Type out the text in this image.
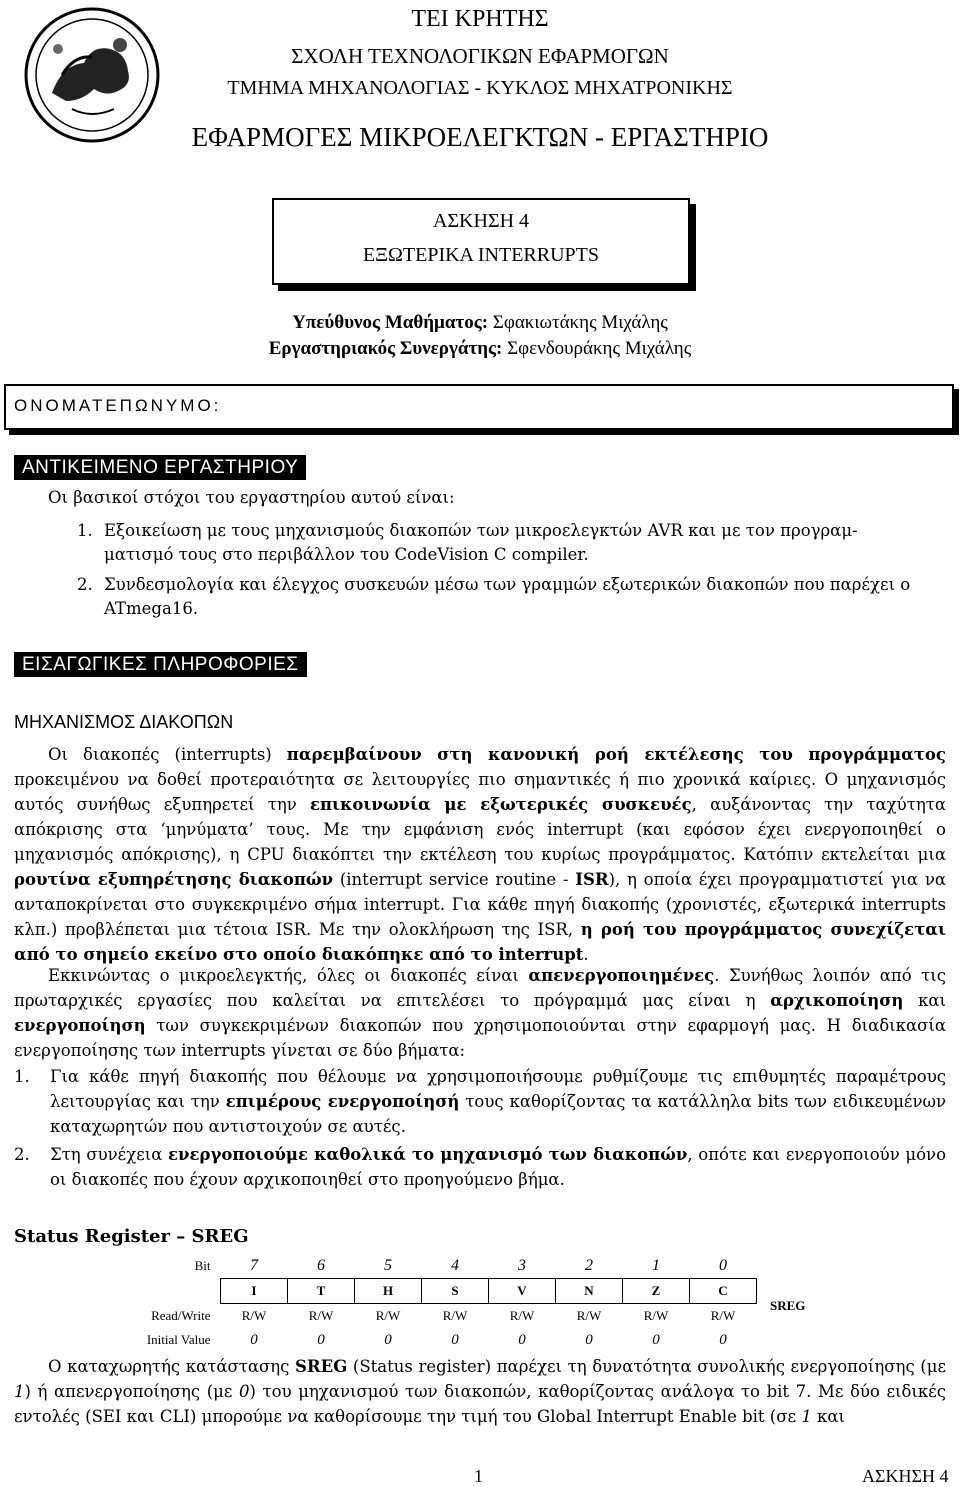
ΤΕΙ ΚΡΗΤΗΣ
ΣΧΟΛΗ ΤΕΧΝΟΛΟΓΙΚΩΝ ΕΦΑΡΜΟΓΩΝ
ΤΜΗΜΑ ΜΗΧΑΝΟΛΟΓΙΑΣ - ΚΥΚΛΟΣ ΜΗΧΑΤΡΟΝΙΚΗΣ
ΕΦΑΡΜΟΓΕΣ ΜΙΚΡΟΕΛΕΓΚΤΩΝ - ΕΡΓΑΣΤΗΡΙΟ
ΑΣΚΗΣΗ 4
ΕΞΩΤΕΡΙΚΑ INTERRUPTS
Υπεύθυνος Μαθήματος: Σφακιωτάκης Μιχάλης
Εργαστηριακός Συνεργάτης: Σφενδουράκης Μιχάλης
ΟΝΟΜΑΤΕΠΩΝΥΜΟ:
ΑΝΤΙΚΕΙΜΕΝΟ ΕΡΓΑΣΤΗΡΙΟΥ
Οι βασικοί στόχοι του εργαστηρίου αυτού είναι:
1. Εξοικείωση με τους μηχανισμούς διακοπών των μικροελεγκτών AVR και με τον προγραμ-
ματισμό τους στο περιβάλλον του CodeVision C compiler.
2. Συνδεσμολογία και έλεγχος συσκευών μέσω των γραμμών εξωτερικών διακοπών που παρέχει ο
ATmega16.
ΕΙΣΑΓΩΓΙΚΕΣ ΠΛΗΡΟΦΟΡΙΕΣ
ΜΗΧΑΝΙΣΜΟΣ ΔΙΑΚΟΠΩΝ
Οι διακοπές (interrupts) παρεμβαίνουν στη κανονική ροή εκτέλεσης του προγράμματος προκειμένου να δοθεί προτεραιότητα σε λειτουργίες πιο σημαντικές ή πιο χρονικά καίριες. Ο μηχανισμός αυτός συνήθως εξυπηρετεί την επικοινωνία με εξωτερικές συσκευές, αυξάνοντας την ταχύτητα απόκρισης στα ‘μηνύματα’ τους. Με την εμφάνιση ενός interrupt (και εφόσον έχει ενεργοποιηθεί ο μηχανισμός απόκρισης), η CPU διακόπτει την εκτέλεση του κυρίως προγράμματος. Κατόπιν εκτελείται μια ρουτίνα εξυπηρέτησης διακοπών (interrupt service routine - ISR), η οποία έχει προγραμματιστεί για να ανταποκρίνεται στο συγκεκριμένο σήμα interrupt. Για κάθε πηγή διακοπής (χρονιστές, εξωτερικά interrupts κλπ.) προβλέπεται μια τέτοια ISR. Με την ολοκλήρωση της ISR, η ροή του προγράμματος συνεχίζεται από το σημείο εκείνο στο οποίο διακόπηκε από το interrupt.
Εκκινώντας ο μικροελεγκτής, όλες οι διακοπές είναι απενεργοποιημένες. Συνήθως λοιπόν από τις πρωταρχικές εργασίες που καλείται να επιτελέσει το πρόγραμμά μας είναι η αρχικοποίηση και ενεργοποίηση των συγκεκριμένων διακοπών που χρησιμοποιούνται στην εφαρμογή μας. Η διαδικασία ενεργοποίησης των interrupts γίνεται σε δύο βήματα:
1. Για κάθε πηγή διακοπής που θέλουμε να χρησιμοποιήσουμε ρυθμίζουμε τις επιθυμητές παραμέτρους λειτουργίας και την επιμέρους ενεργοποίησή τους καθορίζοντας τα κατάλληλα bits των ειδικευμένων καταχωρητών που αντιστοιχούν σε αυτές.
2. Στη συνέχεια ενεργοποιούμε καθολικά το μηχανισμό των διακοπών, οπότε και ενεργοποιούν μόνο οι διακοπές που έχουν αρχικοποιηθεί στο προηγούμενο βήμα.
Status Register – SREG
Bit	7	6	5	4	3	2	1	0
	I	T	H	S	V	N	Z	C
Read/Write	R/W	R/W	R/W	R/W	R/W	R/W	R/W	R/W
Initial Value	0	0	0	0	0	0	0	0
SREG
Ο καταχωρητής κατάστασης SREG (Status register) παρέχει τη δυνατότητα συνολικής ενεργοποίησης (με 1) ή απενεργοποίησης (με 0) του μηχανισμού των διακοπών, καθορίζοντας ανάλογα το bit 7. Με δύο ειδικές εντολές (SEI και CLI) μπορούμε να καθορίσουμε την τιμή του Global Interrupt Enable bit (σε 1 και
1	ΑΣΚΗΣΗ 4
